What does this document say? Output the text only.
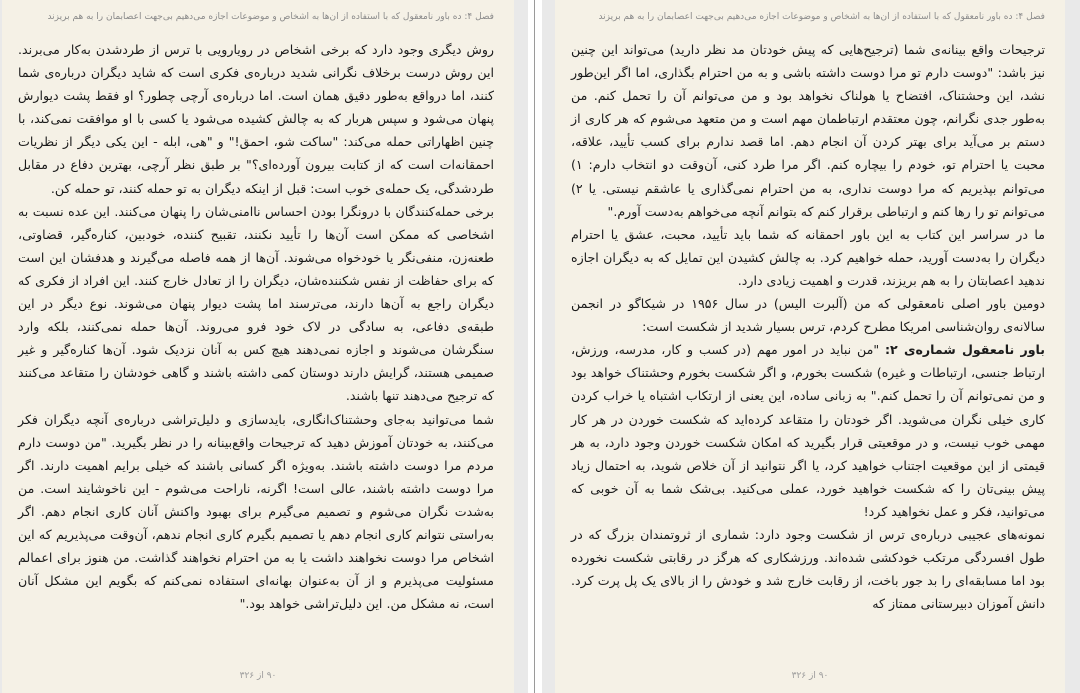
فصل ۴: ده باور نامعقول که با استفاده از آن‌ها به اشخاص و موضوعات اجازه می‌دهیم بی‌جهت اعصابمان را به هم بریزند

روش دیگری وجود دارد که برخی اشخاص در رویارویی با ترس از طردشدن به‌کار می‌برند. این روش درست برخلاف نگرانی شدید درباره‌ی فکری است که شاید دیگران درباره‌ی شما کنند، اما درواقع به‌طور دقیق همان است. اما درباره‌ی آرچی چطور؟ او فقط پشت دیوارش پنهان می‌شود و سپس هربار که به چالش کشیده می‌شود یا کسی با او موافقت نمی‌کند، با چنین اظهاراتی حمله می‌کند: "ساکت شو، احمق!" و "هی، ابله - این یکی دیگر از نظریات احمقانه‌ات است که از کتابت بیرون آورده‌ای؟" بر طبق نظر آرچی، بهترین دفاع در مقابل طردشدگی، یک حمله‌ی خوب است: قبل از اینکه دیگران به تو حمله کنند، تو حمله کن.

برخی حمله‌کنندگان با درونگرا بودن احساس ناامنی‌شان را پنهان می‌کنند. این عده نسبت به اشخاصی که ممکن است آن‌ها را تأیید نکنند، تقبیح کننده، خودبین، کناره‌گیر، قضاوتی، طعنه‌زن، منفی‌نگر یا خودخواه می‌شوند. آن‌ها از همه فاصله می‌گیرند و هدفشان این است که برای حفاظت از نفس شکننده‌شان، دیگران را از تعادل خارج کنند. این افراد از فکری که دیگران راجع به آن‌ها دارند، می‌ترسند اما پشت دیوار پنهان می‌شوند. نوع دیگر در این طبقه‌ی دفاعی، به سادگی در لاک خود فرو می‌روند. آن‌ها حمله نمی‌کنند، بلکه وارد سنگرشان می‌شوند و اجازه نمی‌دهند هیچ کس به آنان نزدیک شود. آن‌ها کناره‌گیر و غیر صمیمی هستند، گرایش دارند دوستان کمی داشته باشند و گاهی خودشان را متقاعد می‌کنند که ترجیح می‌دهند تنها باشند.

شما می‌توانید به‌جای وحشتناک‌انگاری، بایدسازی و دلیل‌تراشی درباره‌ی آنچه دیگران فکر می‌کنند، به خودتان آموزش دهید که ترجیحات واقع‌بینانه را در نظر بگیرید. "من دوست دارم مردم مرا دوست داشته باشند. به‌ویژه اگر کسانی باشند که خیلی برایم اهمیت دارند. اگر مرا دوست داشته باشند، عالی است! اگرنه، ناراحت می‌شوم - این ناخوشایند است. من به‌شدت نگران می‌شوم و تصمیم می‌گیرم برای بهبود واکنش آنان کاری انجام دهم. اگر به‌راستی نتوانم کاری انجام دهم یا تصمیم بگیرم کاری انجام ندهم، آن‌وقت می‌پذیریم که این اشخاص مرا دوست نخواهند داشت یا به من احترام نخواهند گذاشت. من هنوز برای اعمالم مسئولیت می‌پذیرم و از آن به‌عنوان بهانه‌ای استفاده نمی‌کنم که بگویم این مشکل آنان است، نه مشکل من. این دلیل‌تراشی خواهد بود."

۹۰ از ۳۲۶
فصل ۴: ده باور نامعقول که با استفاده از آن‌ها به اشخاص و موضوعات اجازه می‌دهیم بی‌جهت اعصابمان را به هم بریزند

ترجیحات واقع بینانه‌ی شما (ترجیح‌هایی که پیش خودتان مد نظر دارید) می‌تواند این چنین نیز باشد: "دوست دارم تو مرا دوست داشته باشی و به من احترام بگذاری، اما اگر این‌طور نشد، این وحشتناک، افتضاح یا هولناک نخواهد بود و من می‌توانم آن را تحمل کنم. من به‌طور جدی نگرانم، چون معتقدم ارتباطمان مهم است و من متعهد می‌شوم که هر کاری از دستم بر می‌آید برای بهتر کردن آن انجام دهم. اما قصد ندارم برای کسب تأیید، علاقه، محبت یا احترام تو، خودم را بیچاره کنم. اگر مرا طرد کنی، آن‌وقت دو انتخاب دارم: ۱) می‌توانم بپذیریم که مرا دوست نداری، به من احترام نمی‌گذاری یا عاشقم نیستی. یا ۲) می‌توانم تو را رها کنم و ارتباطی برقرار کنم که بتوانم آنچه می‌خواهم به‌دست آورم."

ما در سراسر این کتاب به این باور احمقانه که شما باید تأیید، محبت، عشق یا احترام دیگران را به‌دست آورید، حمله خواهیم کرد. به چالش کشیدن این تمایل که به دیگران اجازه ندهید اعصابتان را به هم بریزند، قدرت و اهمیت زیادی دارد.

دومین باور اصلی نامعقولی که من (آلبرت الیس) در سال ۱۹۵۶ در شیکاگو در انجمن سالانه‌ی روان‌شناسی امریکا مطرح کردم، ترس بسیار شدید از شکست است:

باور نامعقول شماره‌ی ۲: "من نباید در امور مهم (در کسب و کار، مدرسه، ورزش، ارتباط جنسی، ارتباطات و غیره) شکست بخورم، و اگر شکست بخورم وحشتناک خواهد بود و من نمی‌توانم آن را تحمل کنم." به زبانی ساده، این یعنی از ارتکاب اشتباه یا خراب کردن کاری خیلی نگران می‌شوید. اگر خودتان را متقاعد کرده‌اید که شکست خوردن در هر کار مهمی خوب نیست، و در موقعیتی قرار بگیرید که امکان شکست خوردن وجود دارد، به هر قیمتی از این موقعیت اجتناب خواهید کرد، یا اگر نتوانید از آن خلاص شوید، به احتمال زیاد پیش بینی‌تان را که شکست خواهید خورد، عملی می‌کنید. بی‌شک شما به آن خوبی که می‌توانید، فکر و عمل نخواهید کرد!

نمونه‌های عجیبی درباره‌ی ترس از شکست وجود دارد: شماری از ثروتمندان بزرگ که در طول افسردگی مرتکب خودکشی شده‌اند. ورزشکاری که هرگز در رقابتی شکست نخورده بود اما مسابقه‌ای را بد جور باخت، از رقابت خارج شد و خودش را از بالای یک پل پرت کرد. دانش آموزان دبیرستانی ممتاز که

۹۰ از ۳۲۶
